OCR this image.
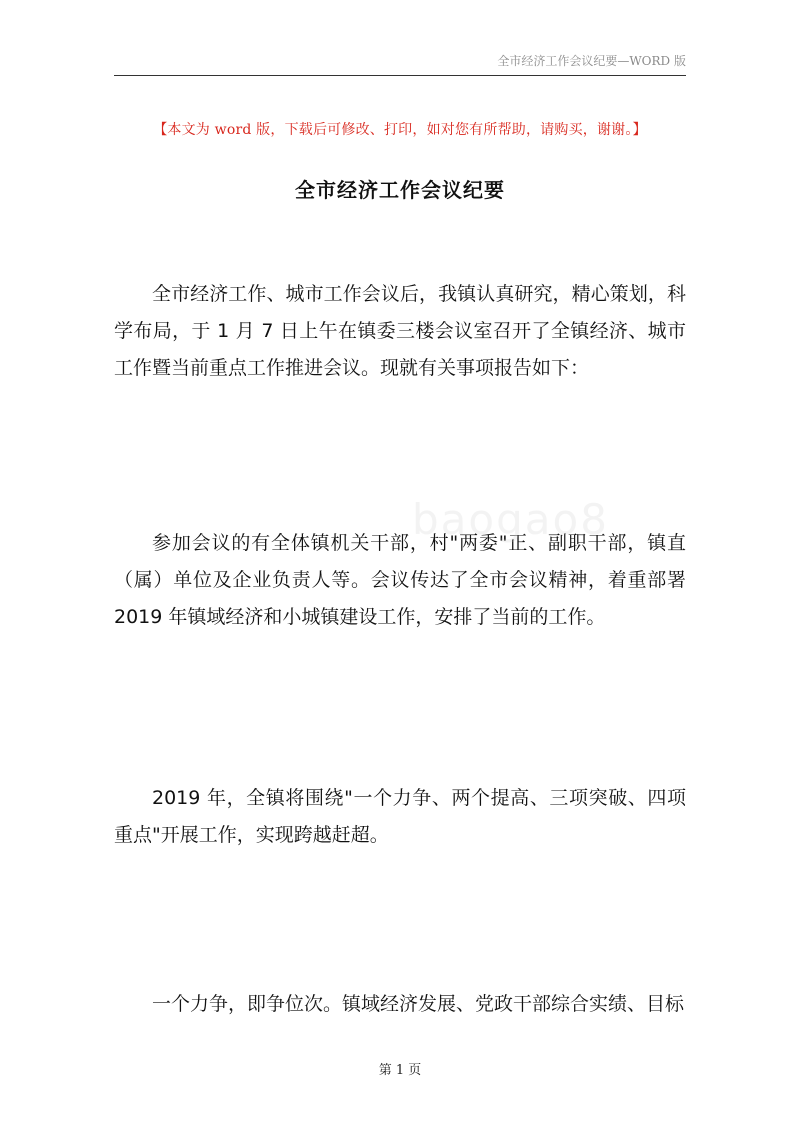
全市经济工作会议纪要—WORD 版
【本文为 word 版，下载后可修改、打印，如对您有所帮助，请购买，谢谢。】
全市经济工作会议纪要

全市经济工作、城市工作会议后，我镇认真研究，精心策划，科学布局，于 1 月 7 日上午在镇委三楼会议室召开了全镇经济、城市工作暨当前重点工作推进会议。现就有关事项报告如下：

参加会议的有全体镇机关干部，村"两委"正、副职干部，镇直（属）单位及企业负责人等。会议传达了全市会议精神，着重部署 2019 年镇域经济和小城镇建设工作，安排了当前的工作。

2019 年，全镇将围绕"一个力争、两个提高、三项突破、四项重点"开展工作，实现跨越赶超。

一个力争，即争位次。镇域经济发展、党政干部综合实绩、目标

baogao8
第 1 页
